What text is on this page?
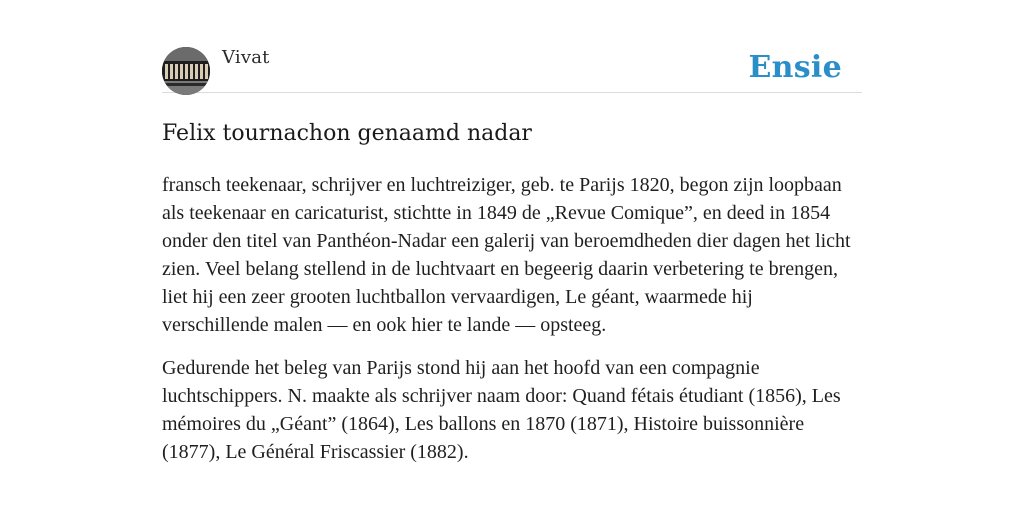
Vivat	Ensie
Felix tournachon genaamd nadar

fransch teekenaar, schrijver en luchtreiziger, geb. te Parijs 1820, begon zijn loopbaan als teekenaar en caricaturist, stichtte in 1849 de „Revue Comique”, en deed in 1854 onder den titel van Panthéon-Nadar een galerij van beroemdheden dier dagen het licht zien. Veel belang stellend in de luchtvaart en begeerig daarin verbetering te brengen, liet hij een zeer grooten luchtballon vervaardigen, Le géant, waarmede hij verschillende malen — en ook hier te lande — opsteeg.

Gedurende het beleg van Parijs stond hij aan het hoofd van een compagnie luchtschippers. N. maakte als schrijver naam door: Quand fétais étudiant (1856), Les mémoires du „Géant” (1864), Les ballons en 1870 (1871), Histoire buissonnière (1877), Le Général Friscassier (1882).
